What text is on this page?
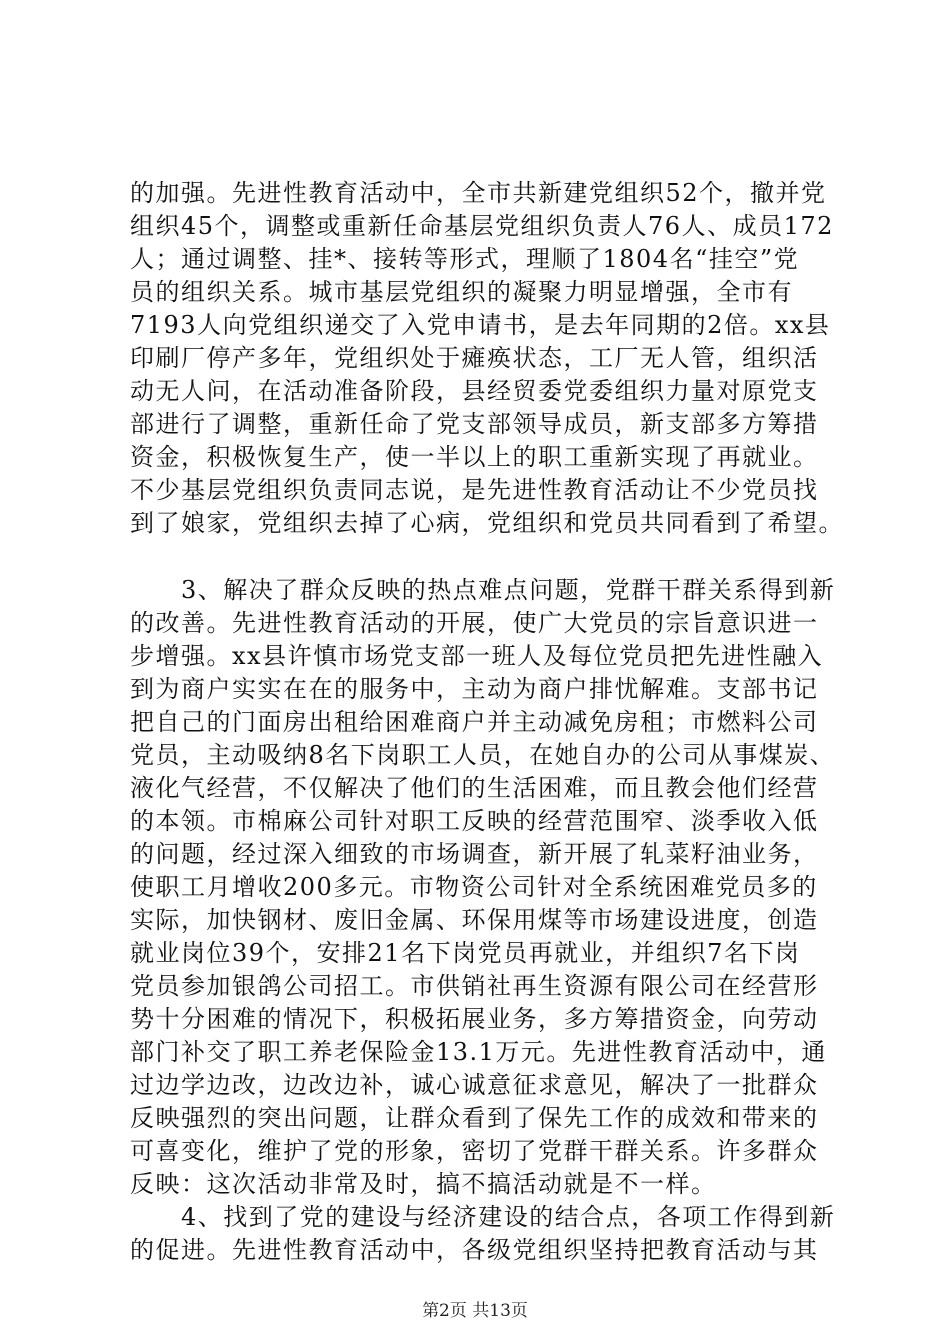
的加强。先进性教育活动中，全市共新建党组织52个，撤并党
组织45个，调整或重新任命基层党组织负责人76人、成员172
人；通过调整、挂*、接转等形式，理顺了1804名“挂空”党
员的组织关系。城市基层党组织的凝聚力明显增强，全市有
7193人向党组织递交了入党申请书，是去年同期的2倍。xx县
印刷厂停产多年，党组织处于瘫痪状态，工厂无人管，组织活
动无人问，在活动准备阶段，县经贸委党委组织力量对原党支
部进行了调整，重新任命了党支部领导成员，新支部多方筹措
资金，积极恢复生产，使一半以上的职工重新实现了再就业。
不少基层党组织负责同志说，是先进性教育活动让不少党员找
到了娘家，党组织去掉了心病，党组织和党员共同看到了希望。
　　3、解决了群众反映的热点难点问题，党群干群关系得到新
的改善。先进性教育活动的开展，使广大党员的宗旨意识进一
步增强。xx县许慎市场党支部一班人及每位党员把先进性融入
到为商户实实在在的服务中，主动为商户排忧解难。支部书记
把自己的门面房出租给困难商户并主动减免房租；市燃料公司
党员，主动吸纳8名下岗职工人员，在她自办的公司从事煤炭、
液化气经营，不仅解决了他们的生活困难，而且教会他们经营
的本领。市棉麻公司针对职工反映的经营范围窄、淡季收入低
的问题，经过深入细致的市场调查，新开展了轧菜籽油业务，
使职工月增收200多元。市物资公司针对全系统困难党员多的
实际，加快钢材、废旧金属、环保用煤等市场建设进度，创造
就业岗位39个，安排21名下岗党员再就业，并组织7名下岗
党员参加银鸽公司招工。市供销社再生资源有限公司在经营形
势十分困难的情况下，积极拓展业务，多方筹措资金，向劳动
部门补交了职工养老保险金13.1万元。先进性教育活动中，通
过边学边改，边改边补，诚心诚意征求意见，解决了一批群众
反映强烈的突出问题，让群众看到了保先工作的成效和带来的
可喜变化，维护了党的形象，密切了党群干群关系。许多群众
反映：这次活动非常及时，搞不搞活动就是不一样。
　　4、找到了党的建设与经济建设的结合点，各项工作得到新
的促进。先进性教育活动中，各级党组织坚持把教育活动与其
第2页 共13页
